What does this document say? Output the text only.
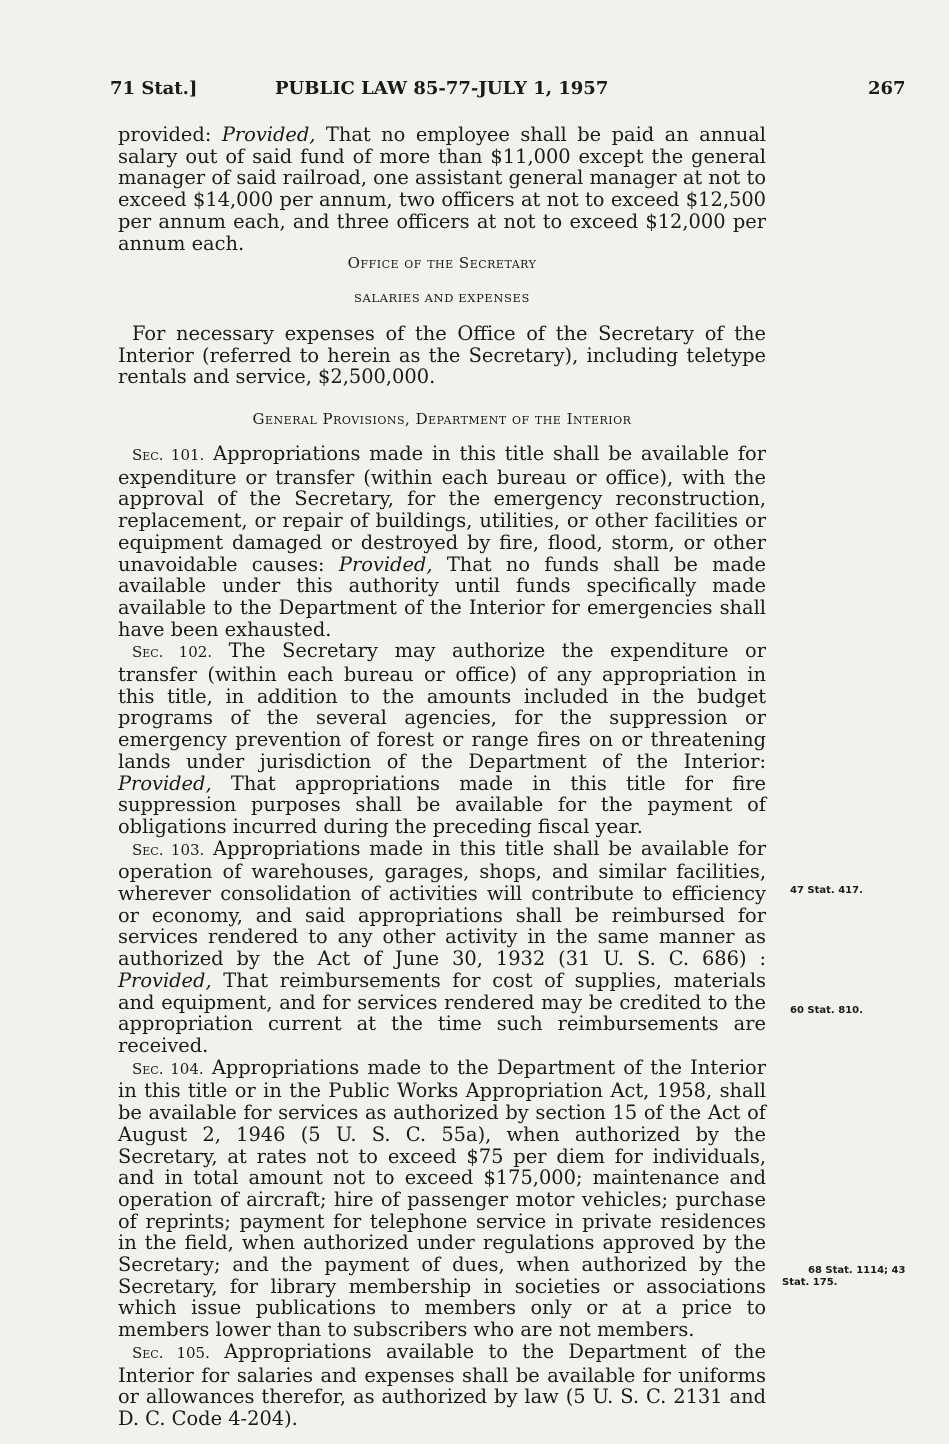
71 Stat.]	PUBLIC LAW 85-77-JULY 1, 1957	267

provided: Provided, That no employee shall be paid an annual salary out of said fund of more than $11,000 except the general manager of said railroad, one assistant general manager at not to exceed $14,000 per annum, two officers at not to exceed $12,500 per annum each, and three officers at not to exceed $12,000 per annum each.

Office of the Secretary
SALARIES AND EXPENSES

For necessary expenses of the Office of the Secretary of the Interior (referred to herein as the Secretary), including teletype rentals and service, $2,500,000.

General Provisions, Department of the Interior

Sec. 101. Appropriations made in this title shall be available for expenditure or transfer (within each bureau or office), with the approval of the Secretary, for the emergency reconstruction, replacement, or repair of buildings, utilities, or other facilities or equipment damaged or destroyed by fire, flood, storm, or other unavoidable causes: Provided, That no funds shall be made available under this authority until funds specifically made available to the Department of the Interior for emergencies shall have been exhausted.

Sec. 102. The Secretary may authorize the expenditure or transfer (within each bureau or office) of any appropriation in this title, in addition to the amounts included in the budget programs of the several agencies, for the suppression or emergency prevention of forest or range fires on or threatening lands under jurisdiction of the Department of the Interior: Provided, That appropriations made in this title for fire suppression purposes shall be available for the payment of obligations incurred during the preceding fiscal year.

Sec. 103. Appropriations made in this title shall be available for operation of warehouses, garages, shops, and similar facilities, wherever consolidation of activities will contribute to efficiency or economy, and said appropriations shall be reimbursed for services rendered to any other activity in the same manner as authorized by the Act of June 30, 1932 (31 U. S. C. 686) : Provided, That reimbursements for cost of supplies, materials and equipment, and for services rendered may be credited to the appropriation current at the time such reimbursements are received.

Sec. 104. Appropriations made to the Department of the Interior in this title or in the Public Works Appropriation Act, 1958, shall be available for services as authorized by section 15 of the Act of August 2, 1946 (5 U. S. C. 55a), when authorized by the Secretary, at rates not to exceed $75 per diem for individuals, and in total amount not to exceed $175,000; maintenance and operation of aircraft; hire of passenger motor vehicles; purchase of reprints; payment for telephone service in private residences in the field, when authorized under regulations approved by the Secretary; and the payment of dues, when authorized by the Secretary, for library membership in societies or associations which issue publications to members only or at a price to members lower than to subscribers who are not members.

Sec. 105. Appropriations available to the Department of the Interior for salaries and expenses shall be available for uniforms or allowances therefor, as authorized by law (5 U. S. C. 2131 and D. C. Code 4-204).

47 Stat. 417.
60 Stat. 810.
68 Stat. 1114; 43
Stat. 175.
